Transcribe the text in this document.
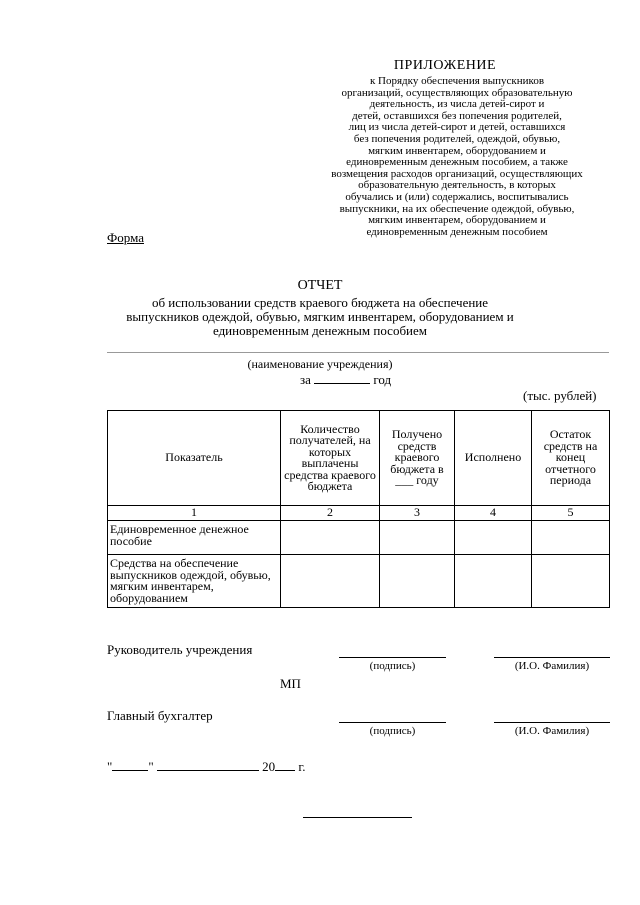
ПРИЛОЖЕНИЕ
к Порядку обеспечения выпускников
организаций, осуществляющих образовательную
деятельность, из числа детей-сирот и
детей, оставшихся без попечения родителей,
лиц из числа детей-сирот и детей, оставшихся
без попечения родителей, одеждой, обувью,
мягким инвентарем, оборудованием и
единовременным денежным пособием, а также
возмещения расходов организаций, осуществляющих
образовательную деятельность, в которых
обучались и (или) содержались, воспитывались
выпускники, на их обеспечение одеждой, обувью,
мягким инвентарем, оборудованием и
единовременным денежным пособием
Форма
ОТЧЕТ
об использовании средств краевого бюджета на обеспечение
выпускников одеждой, обувью, мягким инвентарем, оборудованием и
единовременным денежным пособием
(наименование учреждения)
за	год
(тыс. рублей)
Показатель	Количество получателей, на которых выплачены средства краевого бюджета	Получено средств краевого бюджета в ___ году	Исполнено	Остаток средств на конец отчетного периода
1	2	3	4	5
Единовременное денежное пособие				
Средства на обеспечение выпускников одеждой, обувью, мягким инвентарем, оборудованием				
Руководитель учреждения
(подпись)	(И.О. Фамилия)
МП
Главный бухгалтер
(подпись)	(И.О. Фамилия)
"	"	20 г.
